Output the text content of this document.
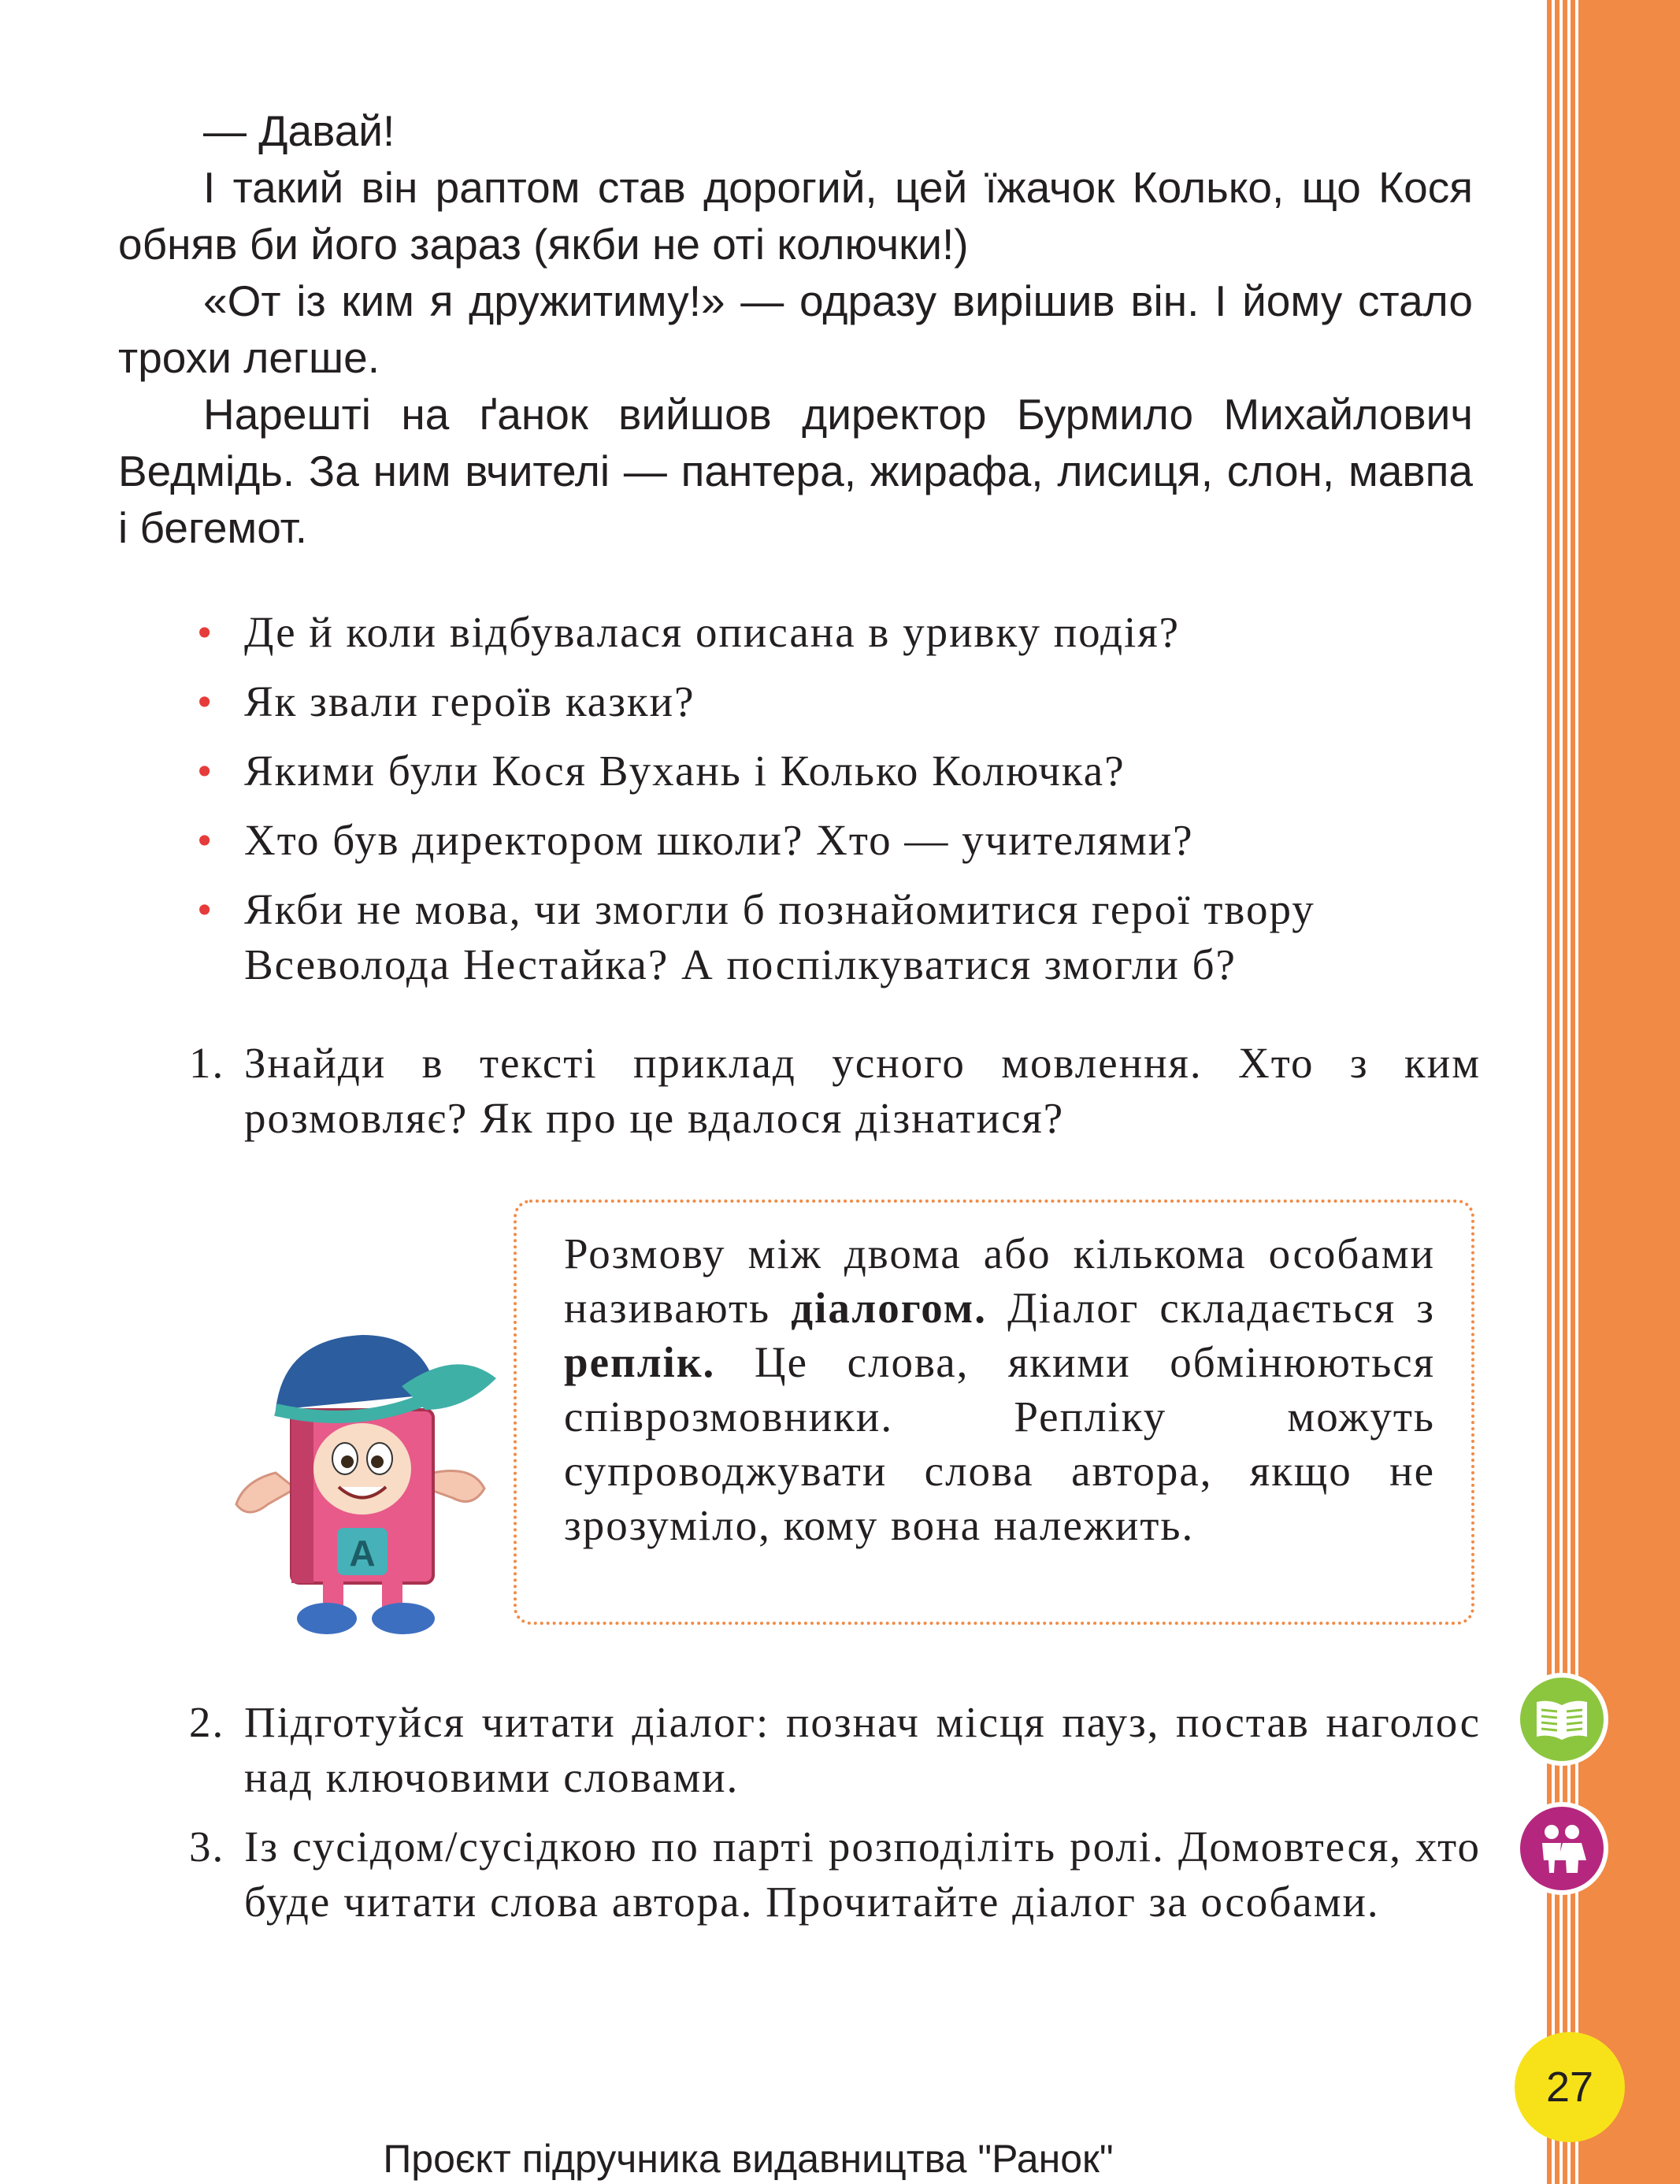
— Давай!

І такий він раптом став дорогий, цей їжачок Колько, що Кося обняв би його зараз (якби не оті колючки!)

«От із ким я дружитиму!» — одразу вирішив він. І йому стало трохи легше.

Нарешті на ґанок вийшов директор Бурмило Михайлович Ведмідь. За ним вчителі — пантера, жирафа, лисиця, слон, мавпа і бегемот.

• Де й коли відбувалася описана в уривку подія?
• Як звали героїв казки?
• Якими були Кося Вухань і Колько Колючка?
• Хто був директором школи? Хто — учителями?
• Якби не мова, чи змогли б познайомитися герої твору Всеволода Нестайка? А поспілкуватися змогли б?
1. Знайди в тексті приклад усного мовлення. Хто з ким розмовляє? Як про це вдалося дізнатися?
А
Розмову між двома або кількома особами називають діалогом. Діалог складається з реплік. Це слова, якими обмінюються співрозмовники. Репліку можуть супроводжувати слова автора, якщо не зрозуміло, кому вона належить.
2. Підготуйся читати діалог: познач місця пауз, постав наголос над ключовими словами.
3. Із сусідом/сусідкою по парті розподіліть ролі. Домовтеся, хто буде читати слова автора. Прочитайте діалог за особами.
27
Проєкт підручника видавництва "Ранок"
